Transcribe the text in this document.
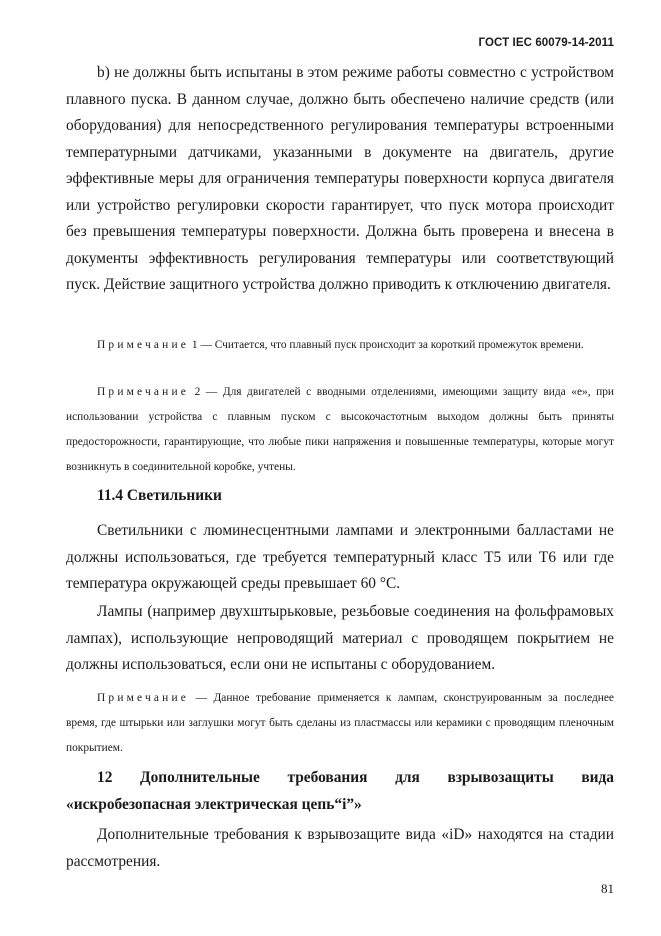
ГОСТ IEC 60079-14-2011

b) не должны быть испытаны в этом режиме работы совместно с устройством плавного пуска. В данном случае, должно быть обеспечено наличие средств (или оборудования) для непосредственного регулирования температуры встроенными температурными датчиками, указанными в документе на двигатель, другие эффективные меры для ограничения температуры поверхности корпуса двигателя или устройство регулировки скорости гарантирует, что пуск мотора происходит без превышения температуры поверхности. Должна быть проверена и внесена в документы эффективность регулирования температуры или соответствующий пуск. Действие защитного устройства должно приводить к отключению двигателя.

Примечание 1 — Считается, что плавный пуск происходит за короткий промежуток времени.

Примечание 2 — Для двигателей с вводными отделениями, имеющими защиту вида «е», при использовании устройства с плавным пуском с высокочастотным выходом должны быть приняты предосторожности, гарантирующие, что любые пики напряжения и повышенные температуры, которые могут возникнуть в соединительной коробке, учтены.

11.4 Светильники

Светильники с люминесцентными лампами и электронными балластами не должны использоваться, где требуется температурный класс T5 или T6 или где температура окружающей среды превышает 60 °С.

Лампы (например двухштырьковые, резьбовые соединения на фольфрамовых лампах), использующие непроводящий материал с проводящем покрытием не должны использоваться, если они не испытаны с оборудованием.

Примечание — Данное требование применяется к лампам, сконструированным за последнее время, где штырьки или заглушки могут быть сделаны из пластмассы или керамики с проводящим пленочным покрытием.

12 Дополнительные требования для взрывозащиты вида
«искробезопасная электрическая цепь“i”»

Дополнительные требования к взрывозащите вида «iD» находятся на стадии рассмотрения.

81
